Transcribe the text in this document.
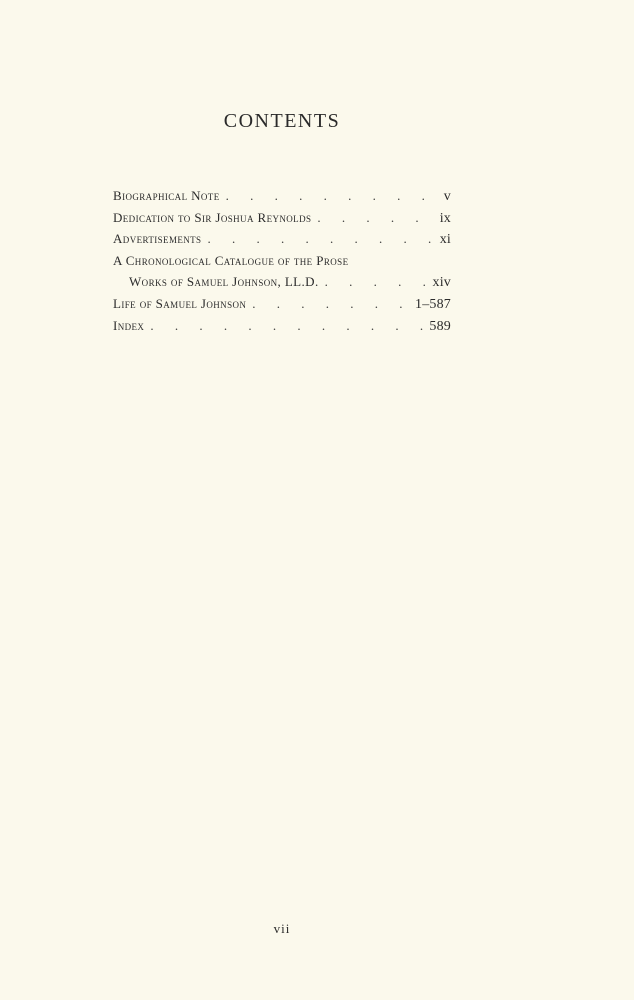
CONTENTS
Biographical Note . . .	v
Dedication to Sir Joshua Reynolds . . .	ix
Advertisements . . .	xi
A Chronological Catalogue of the Prose
Works of Samuel Johnson, LL.D. . . .	xiv
Life of Samuel Johnson . . .	1–587
Index . . .	589
vii
